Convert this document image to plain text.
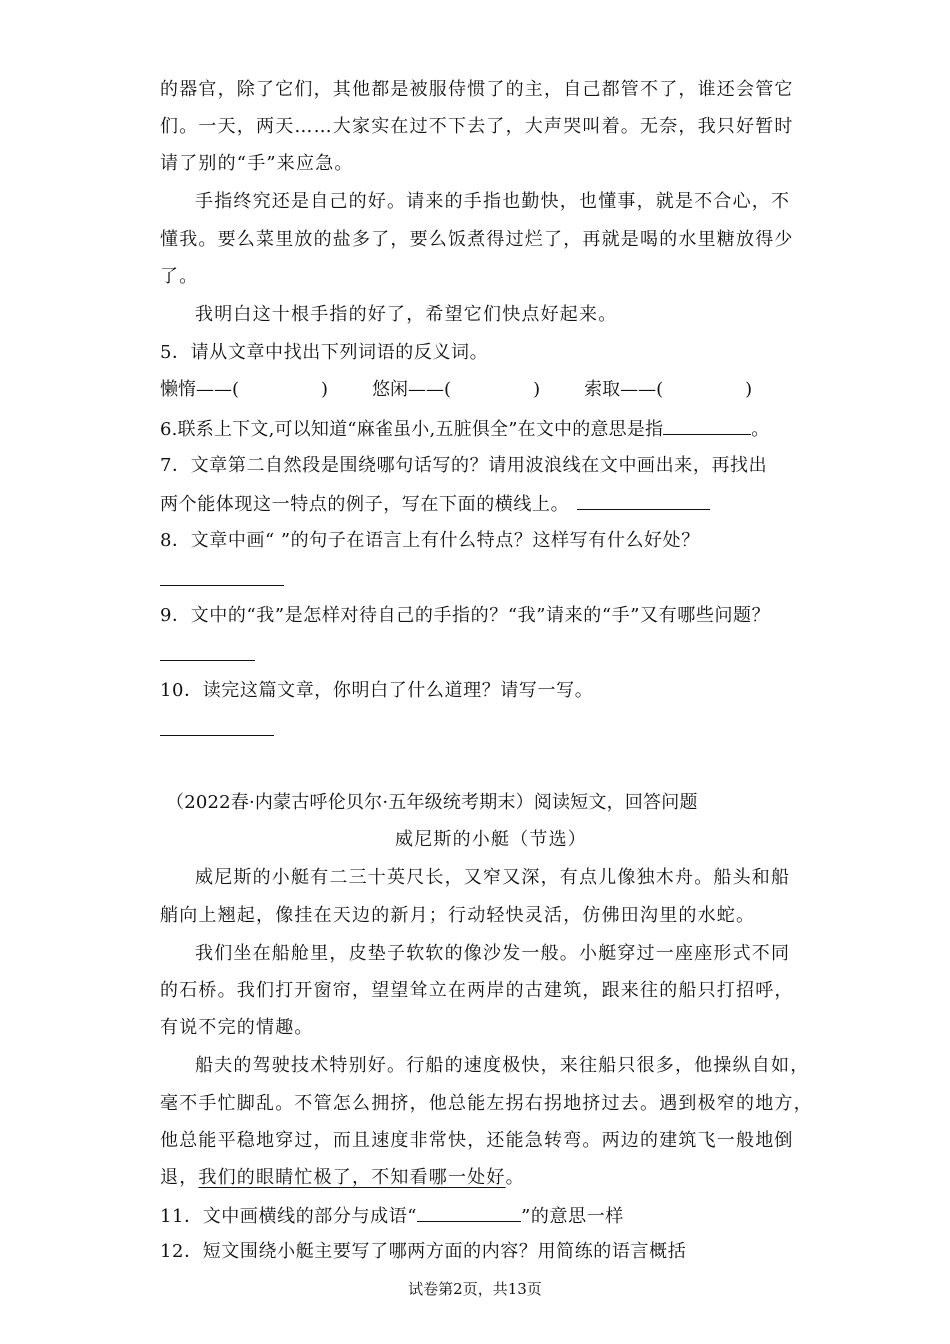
的器官，除了它们，其他都是被服侍惯了的主，自己都管不了，谁还会管它
们。一天，两天……大家实在过不下去了，大声哭叫着。无奈，我只好暂时
请了别的“手”来应急。
手指终究还是自己的好。请来的手指也勤快，也懂事，就是不合心，不
懂我。要么菜里放的盐多了，要么饭煮得过烂了，再就是喝的水里糖放得少
了。
我明白这十根手指的好了，希望它们快点好起来。
5．请从文章中找出下列词语的反义词。
懒惰——(	) 悠闲——(	) 索取——(	)
6.联系上下文,可以知道“麻雀虽小,五脏俱全”在文中的意思是指	。
7．文章第二自然段是围绕哪句话写的？请用波浪线在文中画出来，再找出
两个能体现这一特点的例子，写在下面的横线上。
8．文章中画“ ”的句子在语言上有什么特点？这样写有什么好处？
9．文中的“我”是怎样对待自己的手指的？“我”请来的“手”又有哪些问题？
10．读完这篇文章，你明白了什么道理？请写一写。
（2022春·内蒙古呼伦贝尔·五年级统考期末）阅读短文，回答问题
威尼斯的小艇（节选）
威尼斯的小艇有二三十英尺长，又窄又深，有点儿像独木舟。船头和船
艄向上翘起，像挂在天边的新月；行动轻快灵活，仿佛田沟里的水蛇。
我们坐在船舱里，皮垫子软软的像沙发一般。小艇穿过一座座形式不同
的石桥。我们打开窗帘，望望耸立在两岸的古建筑，跟来往的船只打招呼，
有说不完的情趣。
船夫的驾驶技术特别好。行船的速度极快，来往船只很多，他操纵自如，
毫不手忙脚乱。不管怎么拥挤，他总能左拐右拐地挤过去。遇到极窄的地方，
他总能平稳地穿过，而且速度非常快，还能急转弯。两边的建筑飞一般地倒
退，我们的眼睛忙极了，不知看哪一处好。
11．文中画横线的部分与成语“	”的意思一样
12．短文围绕小艇主要写了哪两方面的内容？用简练的语言概括
试卷第2页，共13页
